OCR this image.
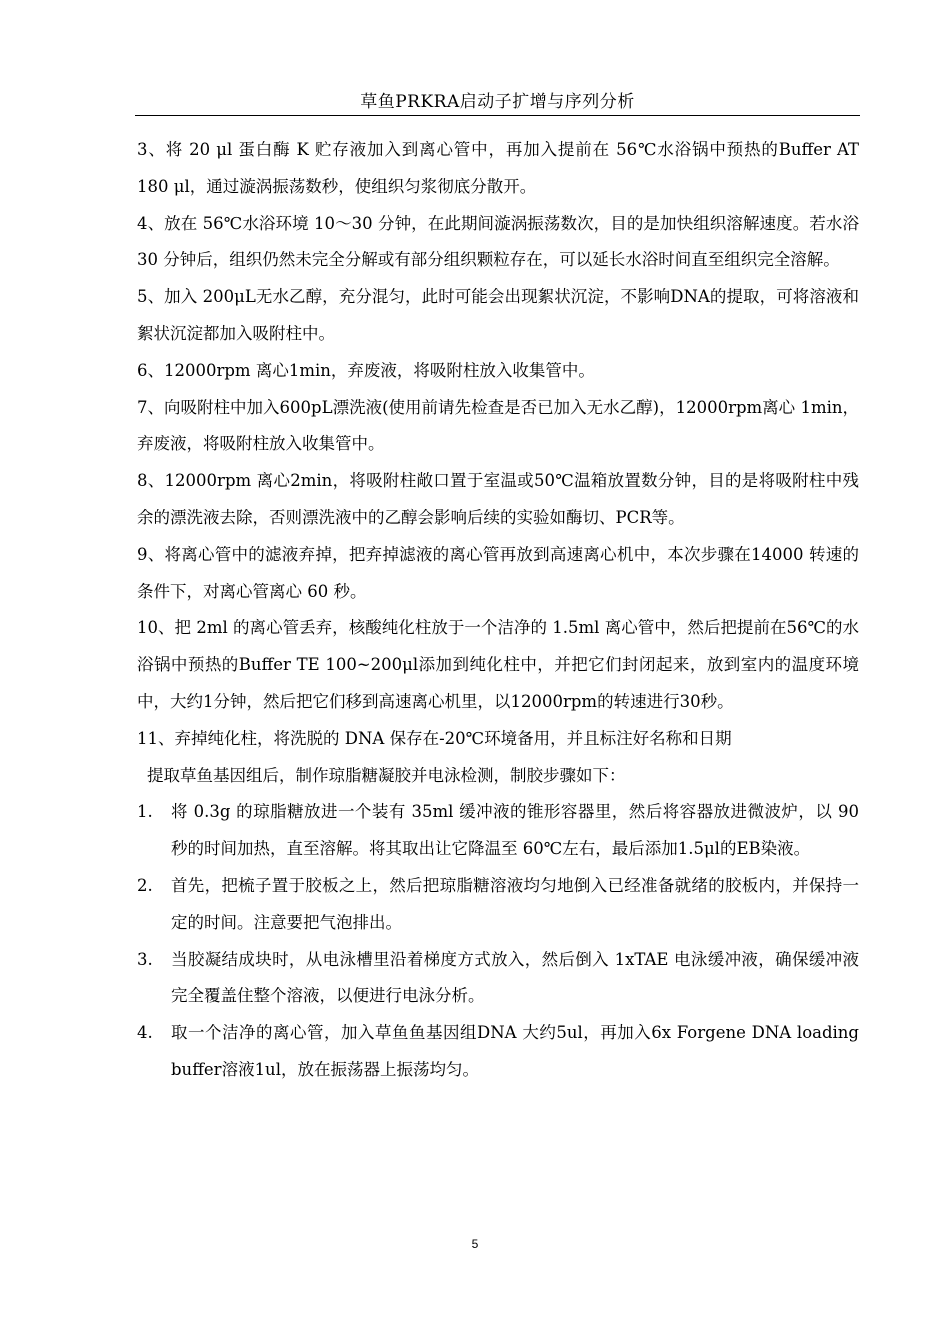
草鱼PRKRA启动子扩增与序列分析

3、将 20 μl 蛋白酶 K 贮存液加入到离心管中，再加入提前在 56℃水浴锅中预热的Buffer AT 180 μl，通过漩涡振荡数秒，使组织匀浆彻底分散开。

4、放在 56℃水浴环境 10～30 分钟，在此期间漩涡振荡数次，目的是加快组织溶解速度。若水浴 30 分钟后，组织仍然未完全分解或有部分组织颗粒存在，可以延长水浴时间直至组织完全溶解。

5、加入 200μL无水乙醇，充分混匀，此时可能会出现絮状沉淀，不影响DNA的提取，可将溶液和絮状沉淀都加入吸附柱中。

6、12000rpm 离心1min，弃废液，将吸附柱放入收集管中。

7、向吸附柱中加入600pL漂洗液(使用前请先检查是否已加入无水乙醇)，12000rpm离心 1min，弃废液，将吸附柱放入收集管中。

8、12000rpm 离心2min，将吸附柱敞口置于室温或50℃温箱放置数分钟，目的是将吸附柱中残余的漂洗液去除，否则漂洗液中的乙醇会影响后续的实验如酶切、PCR等。

9、将离心管中的滤液弃掉，把弃掉滤液的离心管再放到高速离心机中，本次步骤在14000 转速的条件下，对离心管离心 60 秒。

10、把 2ml 的离心管丢弃，核酸纯化柱放于一个洁净的 1.5ml 离心管中，然后把提前在56℃的水浴锅中预热的Buffer TE 100~200μl添加到纯化柱中，并把它们封闭起来，放到室内的温度环境中，大约1分钟，然后把它们移到高速离心机里，以12000rpm的转速进行30秒。

11、弃掉纯化柱，将洗脱的 DNA 保存在-20℃环境备用，并且标注好名称和日期

提取草鱼基因组后，制作琼脂糖凝胶并电泳检测，制胶步骤如下：

1.	将 0.3g 的琼脂糖放进一个装有 35ml 缓冲液的锥形容器里，然后将容器放进微波炉，以 90 秒的时间加热，直至溶解。将其取出让它降温至 60℃左右，最后添加1.5μl的EB染液。
2.	首先，把梳子置于胶板之上，然后把琼脂糖溶液均匀地倒入已经准备就绪的胶板内，并保持一定的时间。注意要把气泡排出。
3.	当胶凝结成块时，从电泳槽里沿着梯度方式放入，然后倒入 1xTAE 电泳缓冲液，确保缓冲液完全覆盖住整个溶液，以便进行电泳分析。
4.	取一个洁净的离心管，加入草鱼鱼基因组DNA 大约5ul，再加入6x Forgene DNA loading buffer溶液1ul，放在振荡器上振荡均匀。
5
